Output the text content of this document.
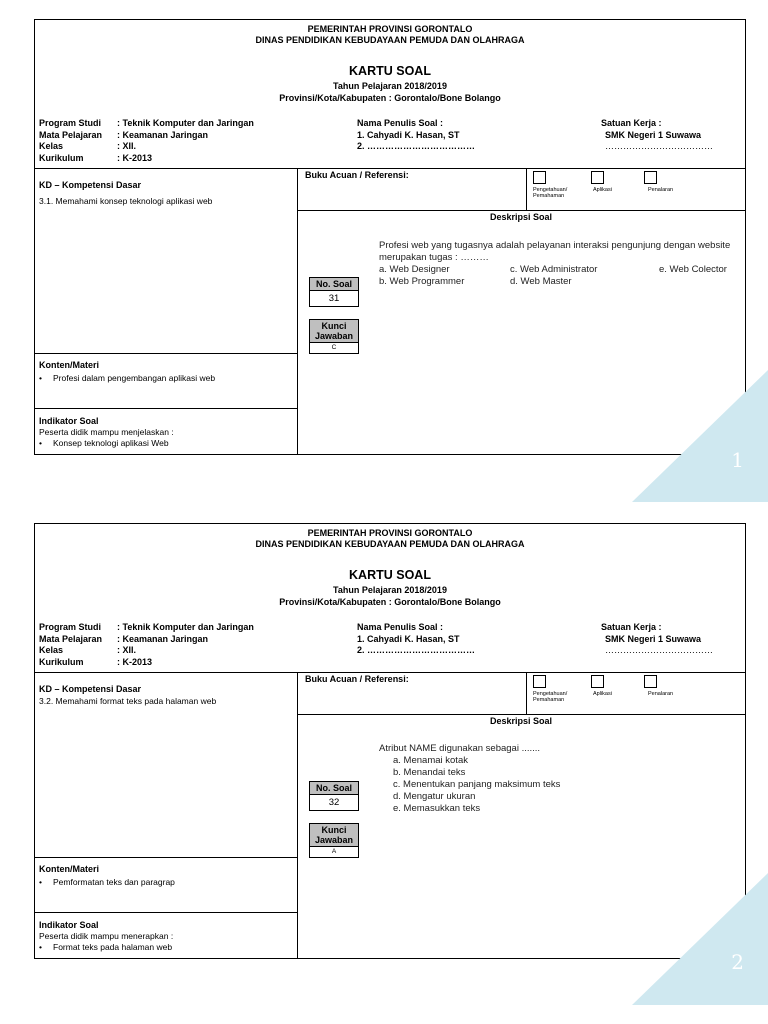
PEMERINTAH PROVINSI GORONTALO
DINAS PENDIDIKAN KEBUDAYAAN PEMUDA DAN OLAHRAGA
KARTU SOAL
Tahun Pelajaran 2018/2019
Provinsi/Kota/Kabupaten : Gorontalo/Bone Bolango
Program Studi : Teknik Komputer dan Jaringan
Mata Pelajaran : Keamanan Jaringan
Kelas	: XII.
Kurikulum	: K-2013
Nama Penulis Soal :
1. Cahyadi K. Hasan, ST
2. ………………………………
Satuan Kerja :
SMK Negeri 1 Suwawa
………………………………
KD – Kompetensi Dasar
3.1. Memahami konsep teknologi aplikasi web
Konten/Materi
• Profesi dalam pengembangan aplikasi web
Indikator Soal
Peserta didik mampu menjelaskan :
• Konsep teknologi aplikasi Web
Buku Acuan / Referensi:
Pengetahuan/ Pemahaman
Aplikasi	Penalaran
Deskripsi Soal
No. Soal
31
Kunci Jawaban
C
Profesi web yang tugasnya adalah pelayanan interaksi pengunjung dengan website
merupakan tugas : ………
a. Web Designer
b. Web Programmer
c. Web Administrator
d. Web Master
e. Web Colector
PEMERINTAH PROVINSI GORONTALO
DINAS PENDIDIKAN KEBUDAYAAN PEMUDA DAN OLAHRAGA
KARTU SOAL
Tahun Pelajaran 2018/2019
Provinsi/Kota/Kabupaten : Gorontalo/Bone Bolango
Program Studi : Teknik Komputer dan Jaringan
Mata Pelajaran : Keamanan Jaringan
Kelas	: XII.
Kurikulum	: K-2013
Nama Penulis Soal :
1. Cahyadi K. Hasan, ST
2. ………………………………
Satuan Kerja :
SMK Negeri 1 Suwawa
………………………………
KD – Kompetensi Dasar
3.2. Memahami format teks pada halaman web
Konten/Materi
• Pemformatan teks dan paragrap
Indikator Soal
Peserta didik mampu menerapkan :
• Format teks pada halaman web
Buku Acuan / Referensi:
Pengetahuan/ Pemahaman
Aplikasi	Penalaran
Deskripsi Soal
No. Soal
32
Kunci Jawaban
A
Atribut NAME digunakan sebagai .......
a. Menamai kotak
b. Menandai teks
c. Menentukan panjang maksimum teks
d. Mengatur ukuran
e. Memasukkan teks
1
2
